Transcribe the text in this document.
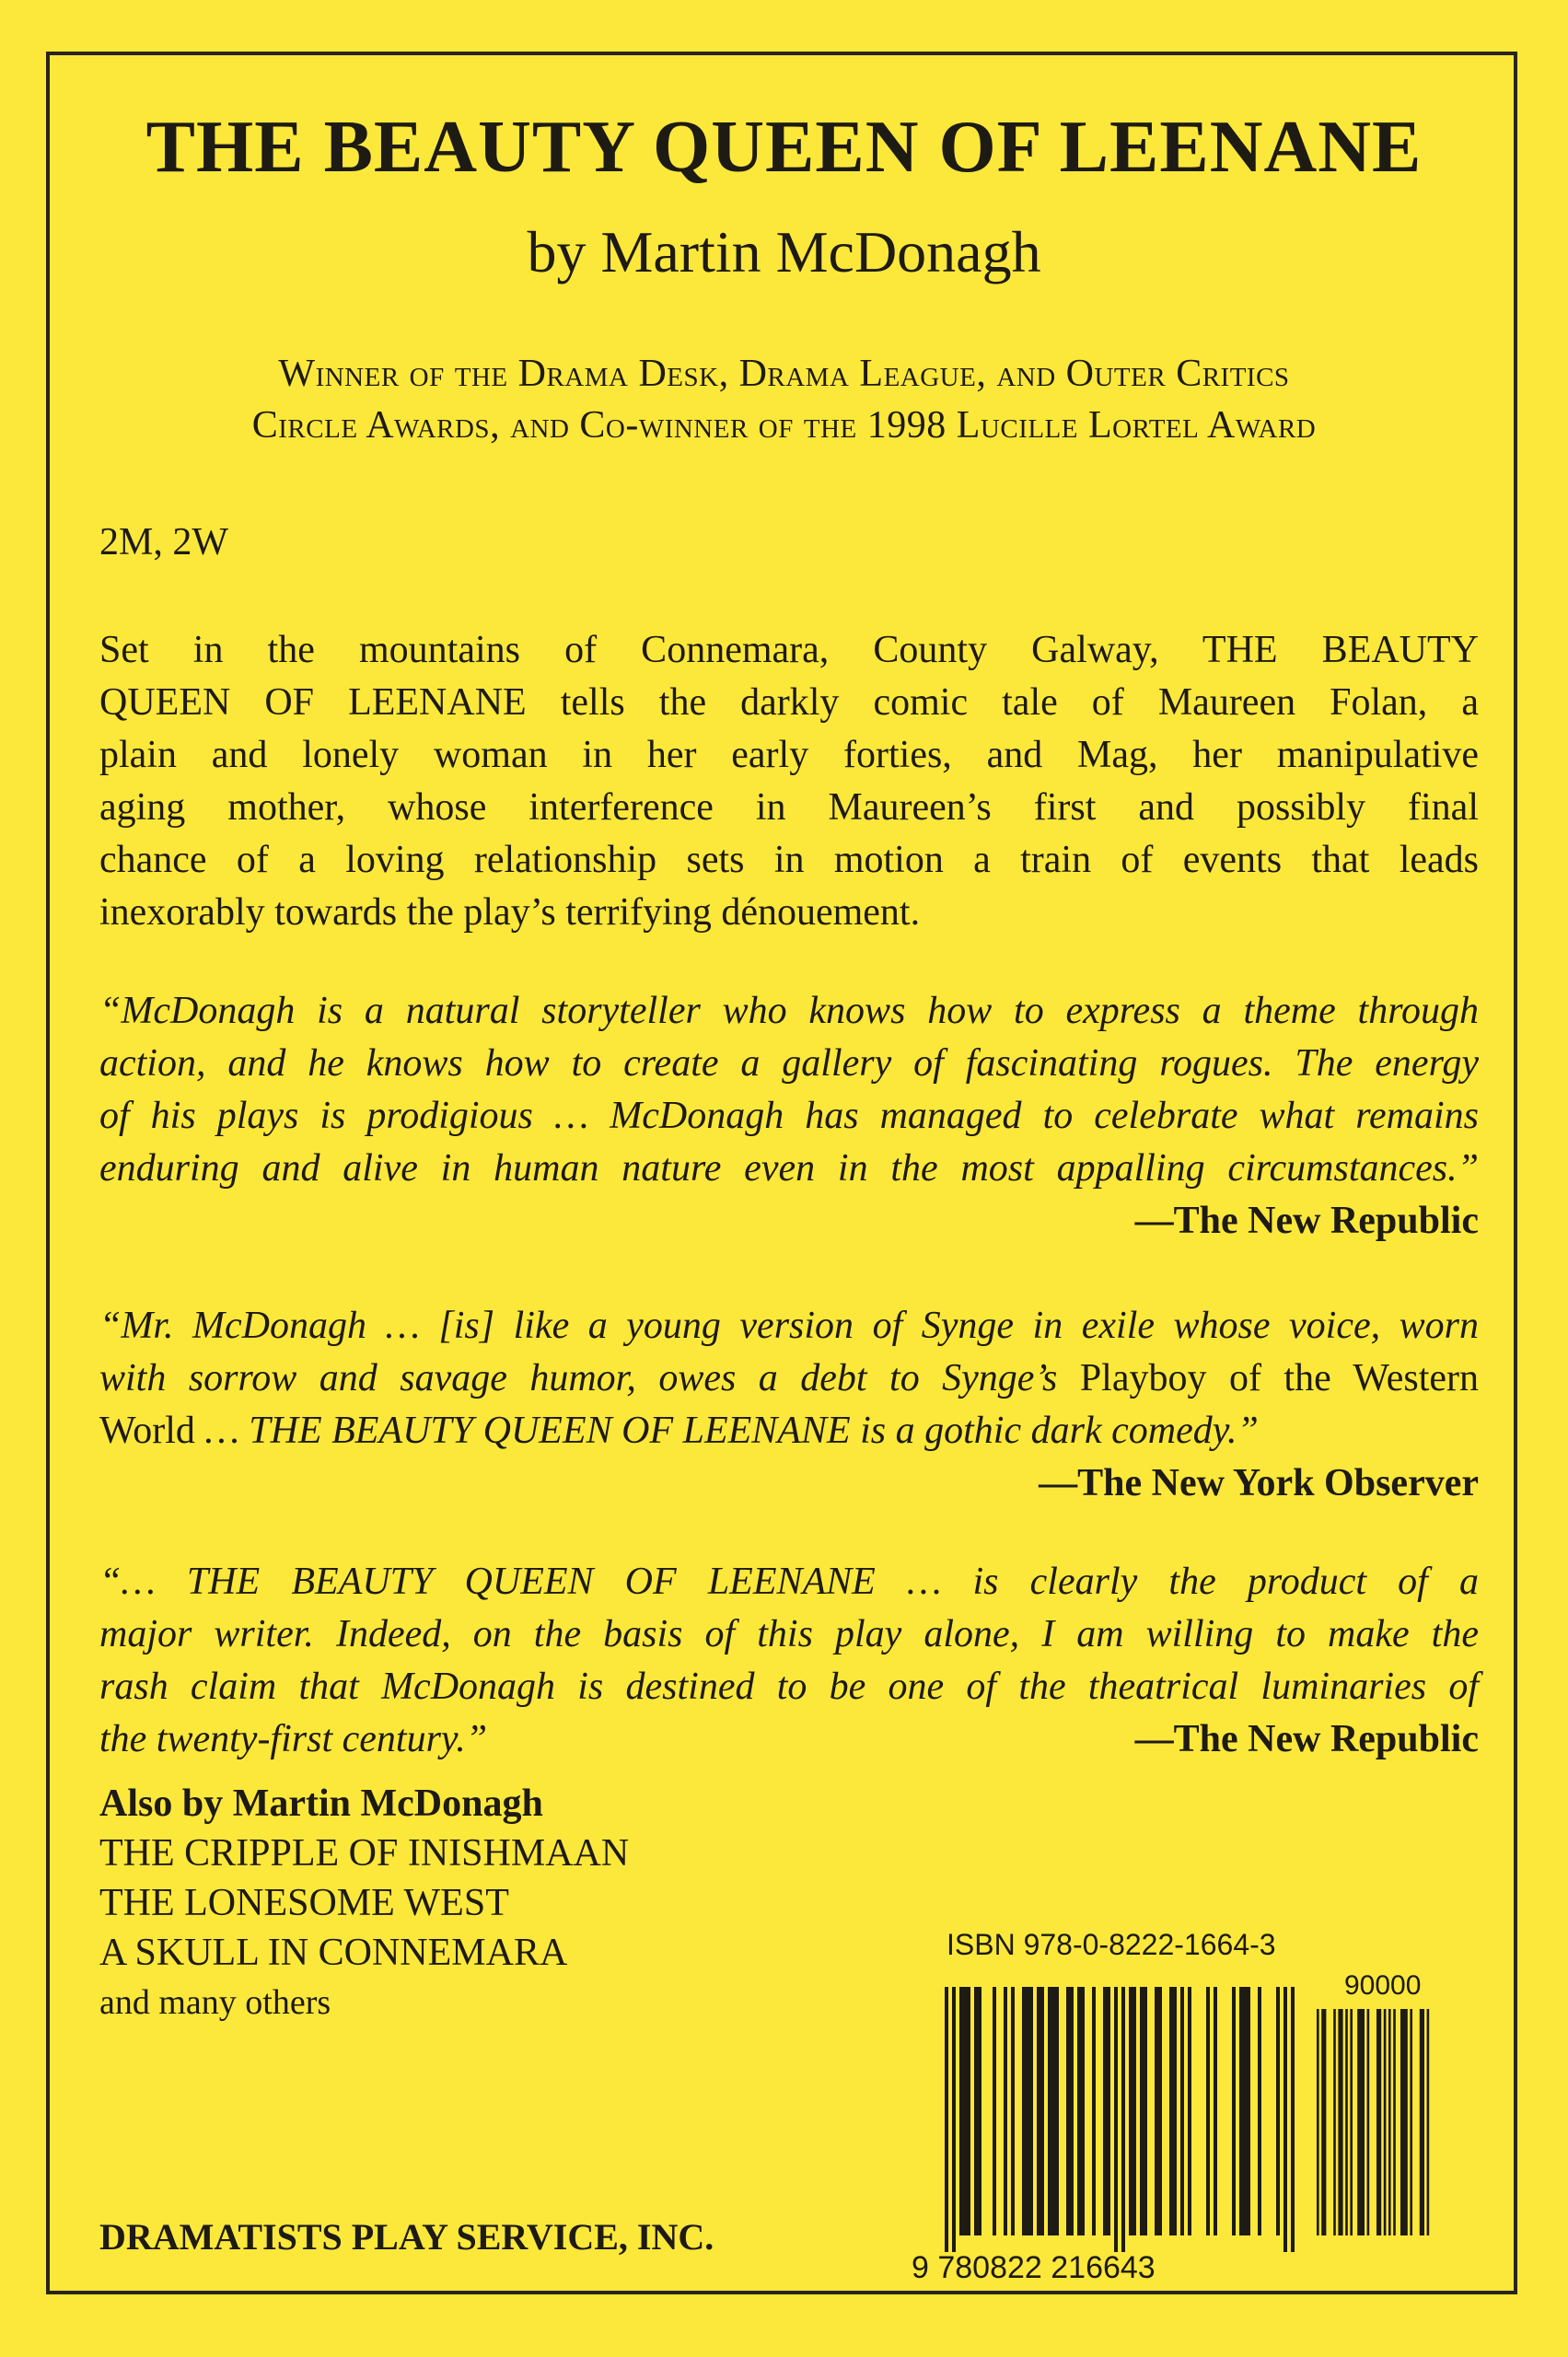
THE BEAUTY QUEEN OF LEENANE
by Martin McDonagh
Winner of the Drama Desk, Drama League, and Outer Critics
Circle Awards, and Co-winner of the 1998 Lucille Lortel Award
2M, 2W
Set in the mountains of Connemara, County Galway, THE BEAUTY
QUEEN OF LEENANE tells the darkly comic tale of Maureen Folan, a
plain and lonely woman in her early forties, and Mag, her manipulative
aging mother, whose interference in Maureen’s first and possibly final
chance of a loving relationship sets in motion a train of events that leads
inexorably towards the play’s terrifying dénouement.
“McDonagh is a natural storyteller who knows how to express a theme through
action, and he knows how to create a gallery of fascinating rogues. The energy
of his plays is prodigious … McDonagh has managed to celebrate what remains
enduring and alive in human nature even in the most appalling circumstances.”
—The New Republic
“Mr. McDonagh … [is] like a young version of Synge in exile whose voice, worn
with sorrow and savage humor, owes a debt to Synge’s Playboy of the Western
World … THE BEAUTY QUEEN OF LEENANE is a gothic dark comedy.”
—The New York Observer
“… THE BEAUTY QUEEN OF LEENANE … is clearly the product of a
major writer. Indeed, on the basis of this play alone, I am willing to make the
rash claim that McDonagh is destined to be one of the theatrical luminaries of
the twenty-first century.”	—The New Republic
Also by Martin McDonagh
THE CRIPPLE OF INISHMAAN
THE LONESOME WEST
A SKULL IN CONNEMARA
and many others
DRAMATISTS PLAY SERVICE, INC.
ISBN 978-0-8222-1664-3
90000
9 780822 216643
